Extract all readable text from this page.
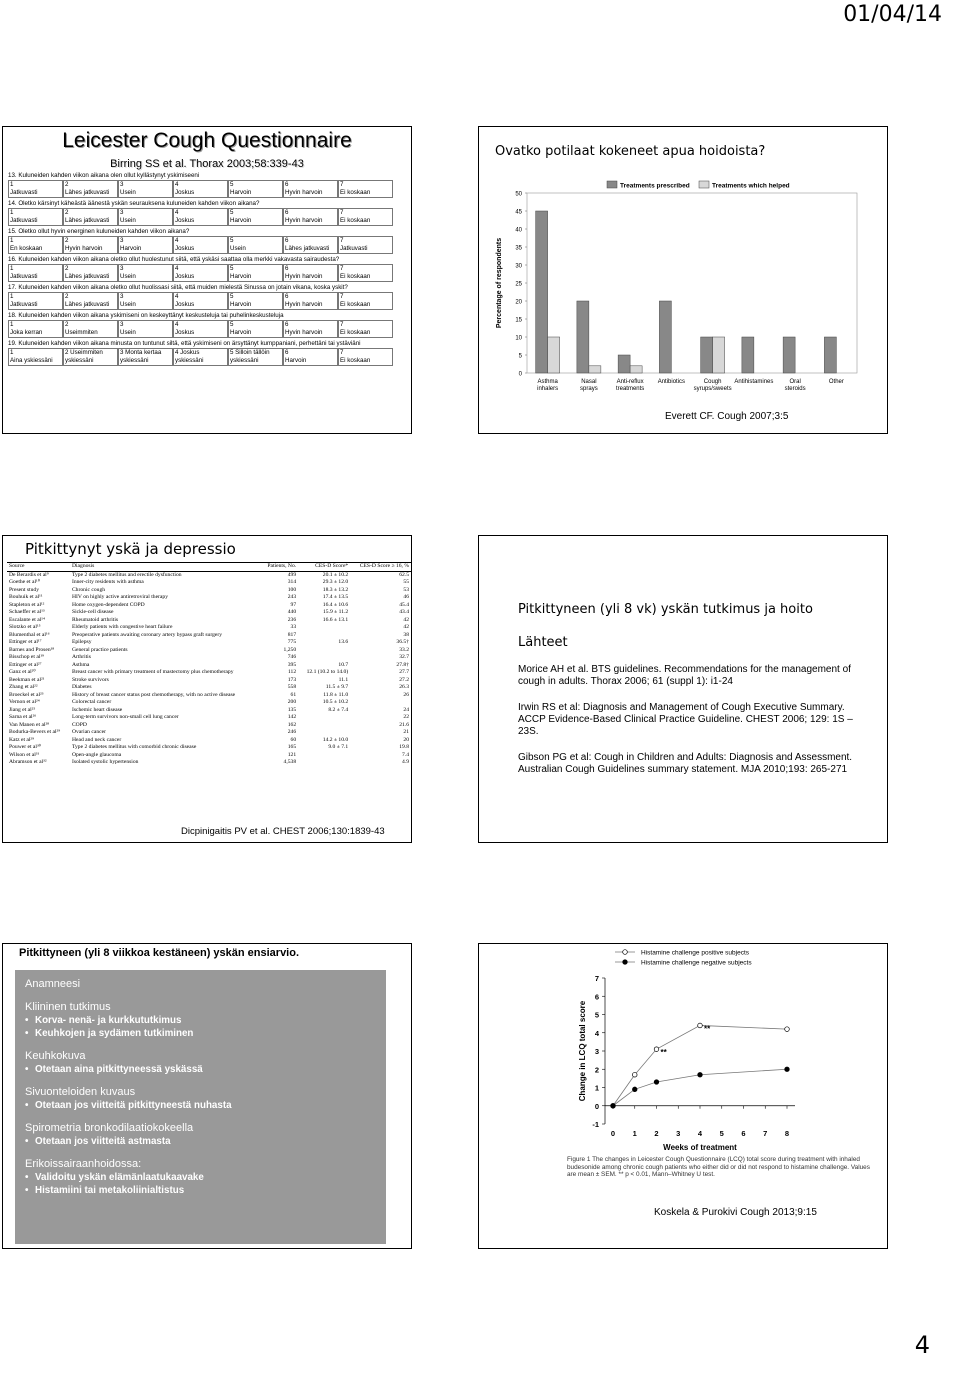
01/04/14
Leicester Cough Questionnaire
Birring SS et al. Thorax 2003;58:339-43
13. Kuluneiden kahden viikon aikana olen ollut kyllästynyt yskimiseeni
1
Jatkuvasti
2
Lähes jatkuvasti
3
Usein
4
Joskus
5
Harvoin
6
Hyvin harvoin
7
Ei koskaan
14. Oletko kärsinyt käheästä äänestä yskän seurauksena kuluneiden kahden viikon aikana?
1
Jatkuvasti
2
Lähes jatkuvasti
3
Usein
4
Joskus
5
Harvoin
6
Hyvin harvoin
7
Ei koskaan
15. Oletko ollut hyvin energinen kuluneiden kahden viikon aikana?
1
En koskaan
2
Hyvin harvoin
3
Harvoin
4
Joskus
5
Usein
6
Lähes jatkuvasti
7
Jatkuvasti
16. Kuluneiden kahden viikon aikana oletko ollut huolestunut siitä, että yskäsi saattaa olla merkki vakavasta sairaudesta?
1
Jatkuvasti
2
Lähes jatkuvasti
3
Usein
4
Joskus
5
Harvoin
6
Hyvin harvoin
7
Ei koskaan
17. Kuluneiden kahden viikon aikana oletko ollut huolissasi siitä, että muiden mielestä Sinussa on jotain vikana, koska yskit?
1
Jatkuvasti
2
Lähes jatkuvasti
3
Usein
4
Joskus
5
Harvoin
6
Hyvin harvoin
7
Ei koskaan
18. Kuluneiden kahden viikon aikana yskimiseni on keskeyttänyt keskusteluja tai puhelinkeskusteluja
1
Joka kerran
2
Useimmiten
3
Usein
4
Joskus
5
Harvoin
6
Hyvin harvoin
7
Ei koskaan
19. Kuluneiden kahden viikon aikana minusta on tuntunut siltä, että yskimiseni on ärsyttänyt kumppaniani, perhettäni tai ystäviäni
1
Aina yskiessäni
2 Useimmiten
yskiessäni
3 Monta kertaa
yskiessäni
4 Joskus
yskiessäni
5 Silloin tällöin
yskiessäni
6
Harvoin
7
Ei koskaan
Ovatko potilaat kokeneet apua hoidoista?
0
5
10
15
20
25
30
35
40
45
50
Percentage of respondents
Asthma
inhalers
Nasal
sprays
Anti-reflux
treatments
Antibiotics	Cough
syrups/sweets
Antihistamines	Oral
steroids
Other
Treatments prescribed	Treatments which helped
Everett CF. Cough 2007;3:5
Pitkittynyt yskä ja depressio
Source	Diagnosis	Patients, No.	CES-D Score*	CES-D Score ≥ 16, %
De Berardis et al⁹	Type 2 diabetes mellitus and erectile dysfunction	499	20.1 ± 10.2	62.5
Goethe et al¹⁰	Inner-city residents with asthma	314	29.3 ± 12.0	55
Present study	Chronic cough	100	18.3 ± 13.2	53
Bouhuik et al¹¹	HIV on highly active antiretroviral therapy	243	17.4 ± 13.5	46
Stapleton et al¹²	Home oxygen-dependent COPD	97	16.4 ± 10.6	45.4
Schaeffer et al¹³	Sickle-cell disease	440	15.9 ± 11.2	43.4
Escalante et al¹⁴	Rheumatoid arthritis	236	16.6 ± 13.1	42
Slotzko et al¹⁵	Elderly patients with congestive heart failure	33		42
Blumenthal et al¹⁶	Preoperative patients awaiting coronary artery bypass graft surgery	817		38
Ettinger et al¹⁷	Epilepsy	775	13.6	36.5†
Barnes and Prosen¹⁸	General practice patients	1,250		33.2
Bisschop et al¹⁹	Arthritis	746		32.7
Ettinger et al²⁷	Asthma	395	10.7	27.8†
Ganz et al²⁰	Breast cancer with primary treatment of mastectomy plus chemotherapy	112	12.1 (10.2 to 14.0)	27.7
Beekman et al²¹	Stroke survivors	173	11.1	27.2
Zhang et al²²	Diabetes	558	11.5 ± 9.7	26.3
Broeckel et al²³	History of breast cancer status post chemotherapy, with no active disease	61	11.8 ± 11.0	26
Vernon et al²⁴	Colorectal cancer	200	10.5 ± 10.2	
Jiang et al²⁵	Ischemic heart disease	135	8.2 ± 7.4	24
Sarna et al²⁶	Long-term survivors non-small cell lung cancer	142		22
Van Manen et al²⁸	COPD	162		21.6
Bodurka-Bevers et al²⁹	Ovarian cancer	246		21
Katz et al²⁹	Head and neck cancer	60	14.2 ± 10.0	20
Pouwer et al³⁰	Type 2 diabetes mellitus with comorbid chronic disease	165	9.0 ± 7.1	19.8
Wilson et al³¹	Open-angle glaucoma	121		7.4
Abramson et al³²	Isolated systolic hypertension	4,538		4.9
Dicpinigaitis PV et al. CHEST 2006;130:1839-43
Pitkittyneen (yli 8 vk) yskän tutkimus ja hoito
Lähteet
Morice AH et al. BTS guidelines. Recommendations for the management of cough in adults. Thorax 2006; 61 (suppl 1): i1-24
Irwin RS et al: Diagnosis and Management of Cough Executive Summary. ACCP Evidence-Based Clinical Practice Guideline. CHEST 2006; 129: 1S – 23S.
Gibson PG et al: Cough in Children and Adults: Diagnosis and Assessment. Australian Cough Guidelines summary statement. MJA 2010;193: 265-271
Pitkittyneen (yli 8 viikkoa kestäneen) yskän ensiarvio.
Anamneesi
Kliininen tutkimus
• Korva- nenä- ja kurkkututkimus
• Keuhkojen ja sydämen tutkiminen
Keuhkokuva
• Otetaan aina pitkittyneessä yskässä
Sivuonteloiden kuvaus
• Otetaan jos viitteitä pitkittyneestä nuhasta
Spirometria bronkodilaatiokokeella
• Otetaan jos viitteitä astmasta
Erikoissairaanhoidossa:
• Validoitu yskän elämänlaatukaavake
• Histamiini tai metakoliinialtistus
-1
0
1
2
3
4
5
6
7
0 1 2 3 4 5 6 7 8
Weeks of treatment
Change in LCQ total score
Histamine challenge positive subjects
Histamine challenge negative subjects
**
**
Figure 1 The changes in Leicester Cough Questionnaire (LCQ) total score during treatment with inhaled budesonide among chronic cough patients who either did or did not respond to histamine challenge. Values are mean ± SEM. ** p < 0.01, Mann–Whitney U test.
Koskela & Purokivi Cough 2013;9:15
4
